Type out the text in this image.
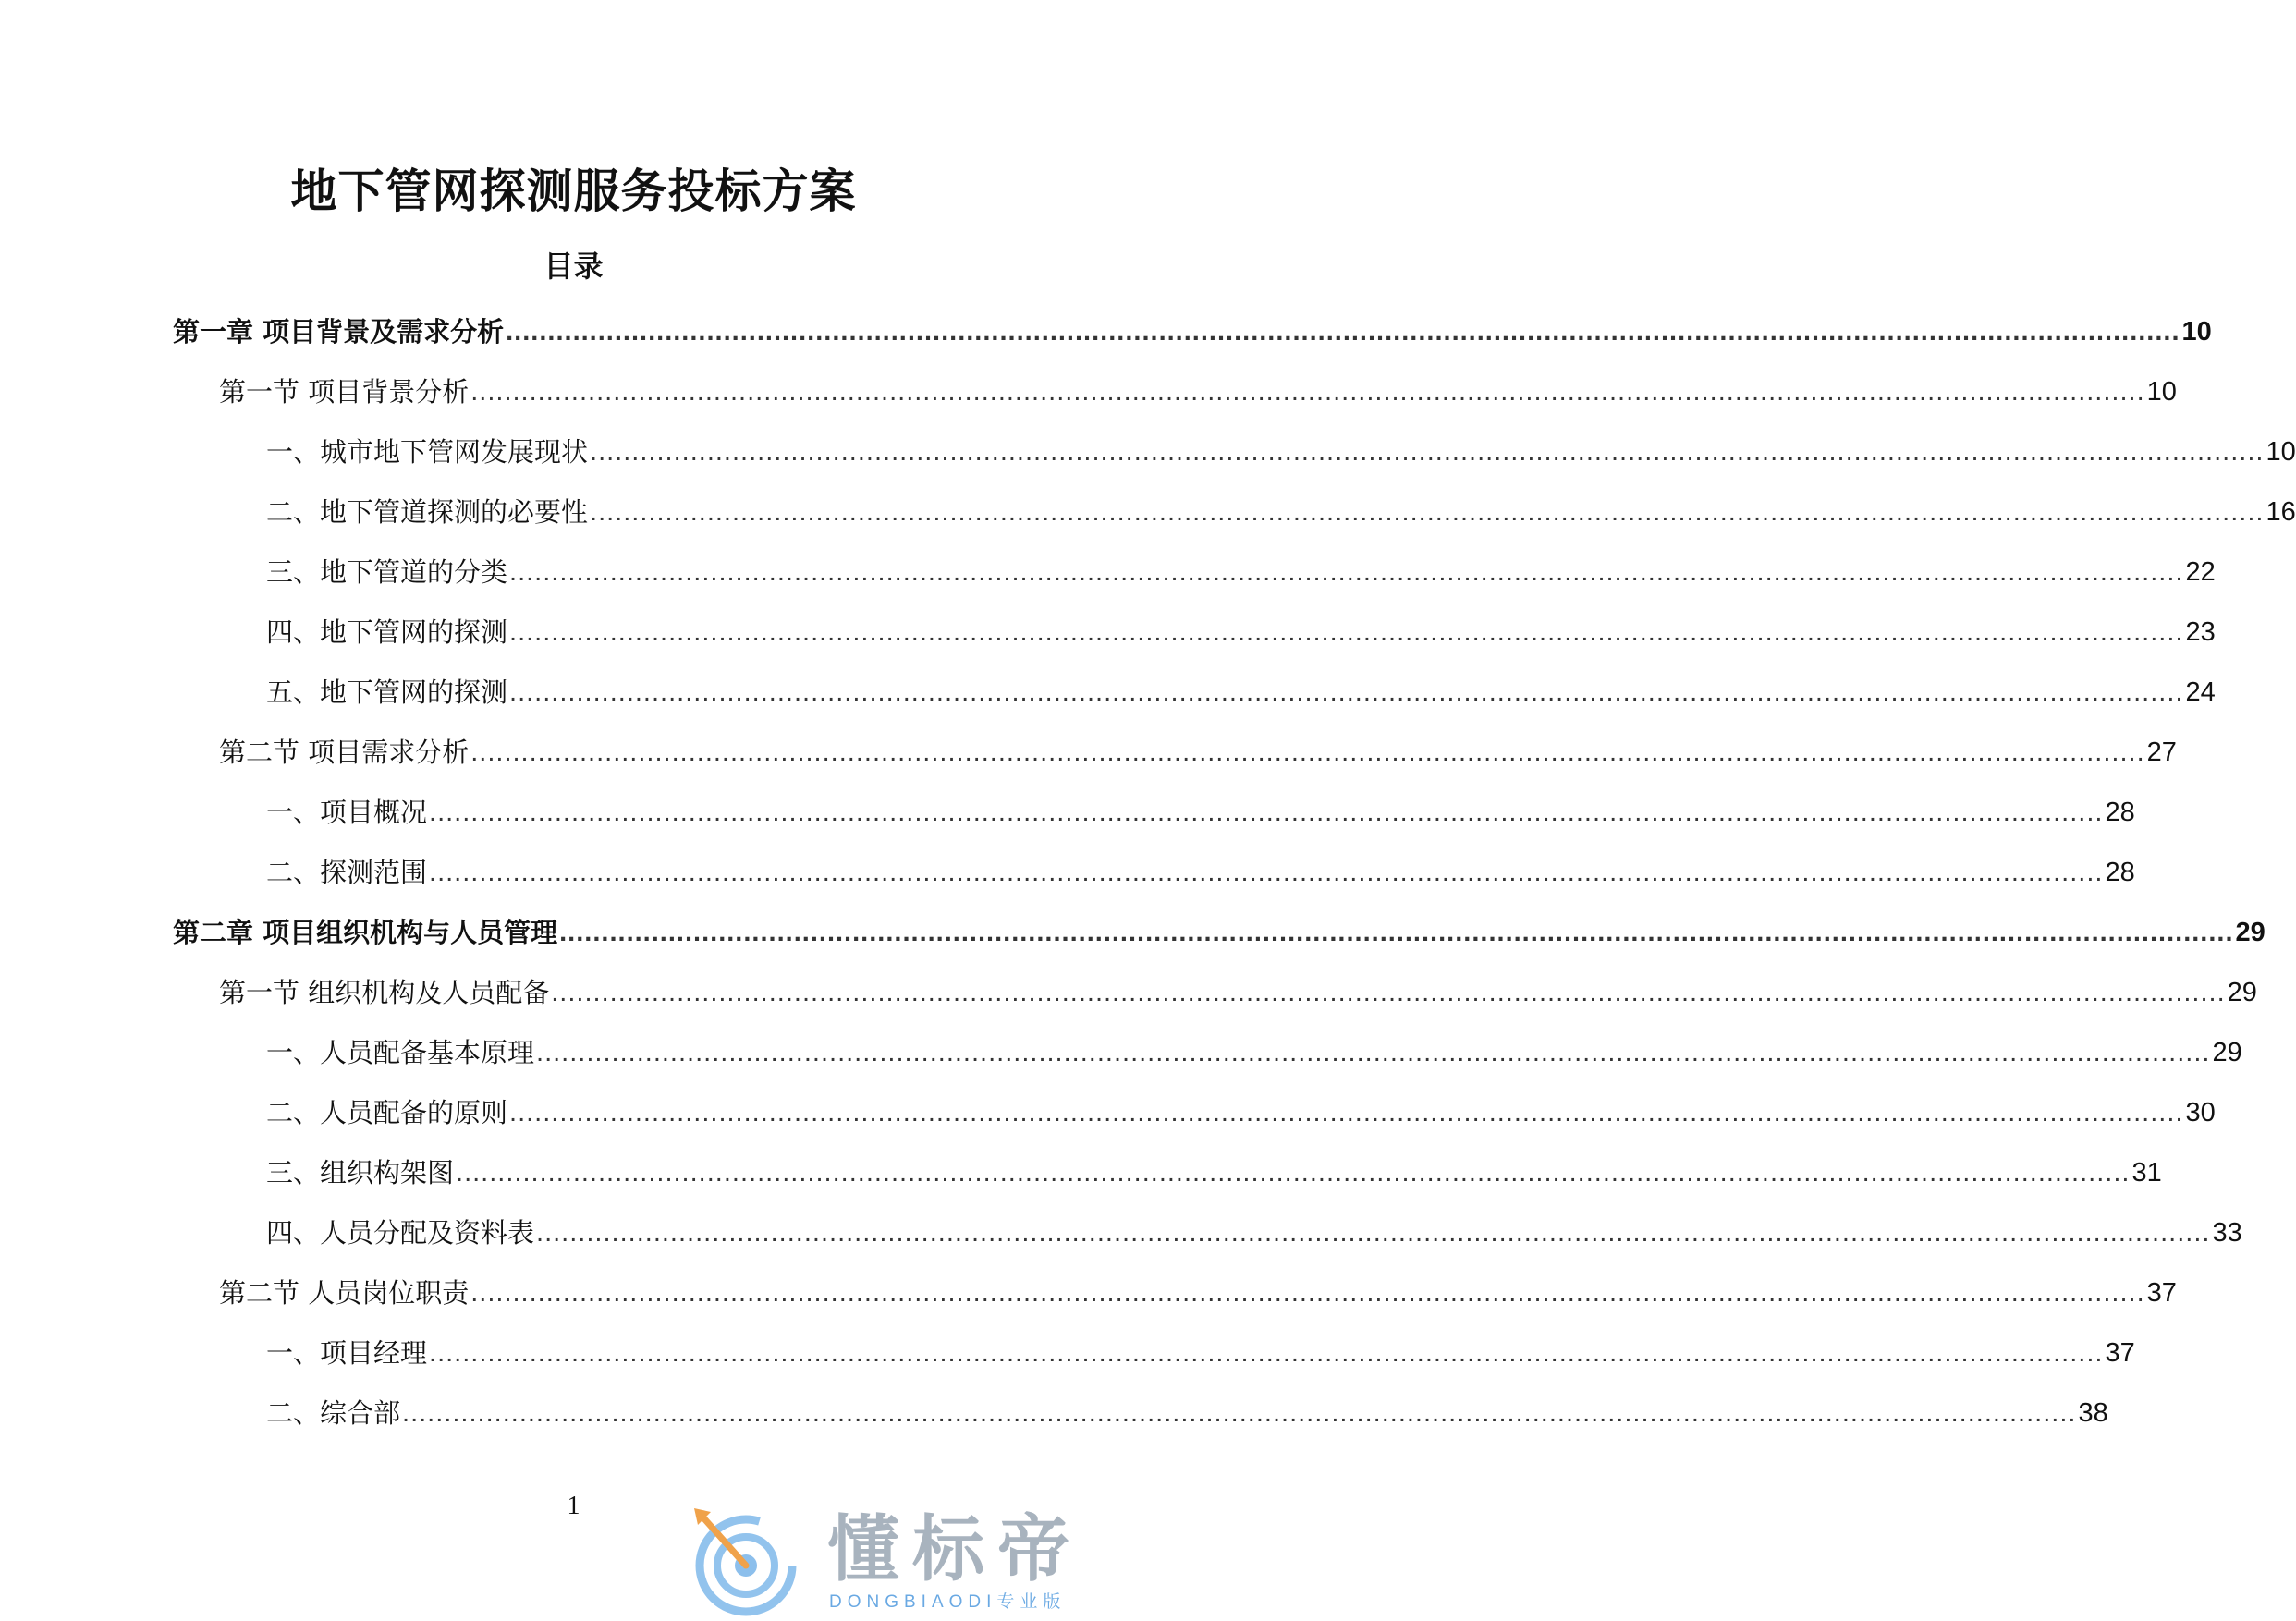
地下管网探测服务投标方案
目录
第一章 项目背景及需求分析 ........................................................................................................................................................................................................ 10
第一节 项目背景分析 ........................................................................................................................................................................................................ 10
一、城市地下管网发展现状 ........................................................................................................................................................................................................ 10
二、地下管道探测的必要性 ........................................................................................................................................................................................................ 16
三、地下管道的分类 ........................................................................................................................................................................................................ 22
四、地下管网的探测 ........................................................................................................................................................................................................ 23
五、地下管网的探测 ........................................................................................................................................................................................................ 24
第二节 项目需求分析 ........................................................................................................................................................................................................ 27
一、项目概况 ........................................................................................................................................................................................................ 28
二、探测范围 ........................................................................................................................................................................................................ 28
第二章 项目组织机构与人员管理 ........................................................................................................................................................................................................ 29
第一节 组织机构及人员配备 ........................................................................................................................................................................................................ 29
一、人员配备基本原理 ........................................................................................................................................................................................................ 29
二、人员配备的原则 ........................................................................................................................................................................................................ 30
三、组织构架图 ........................................................................................................................................................................................................ 31
四、人员分配及资料表 ........................................................................................................................................................................................................ 33
第二节 人员岗位职责 ........................................................................................................................................................................................................ 37
一、项目经理 ........................................................................................................................................................................................................ 37
二、综合部 ........................................................................................................................................................................................................ 38
1
懂标帝
DONGBIAODI专业版
